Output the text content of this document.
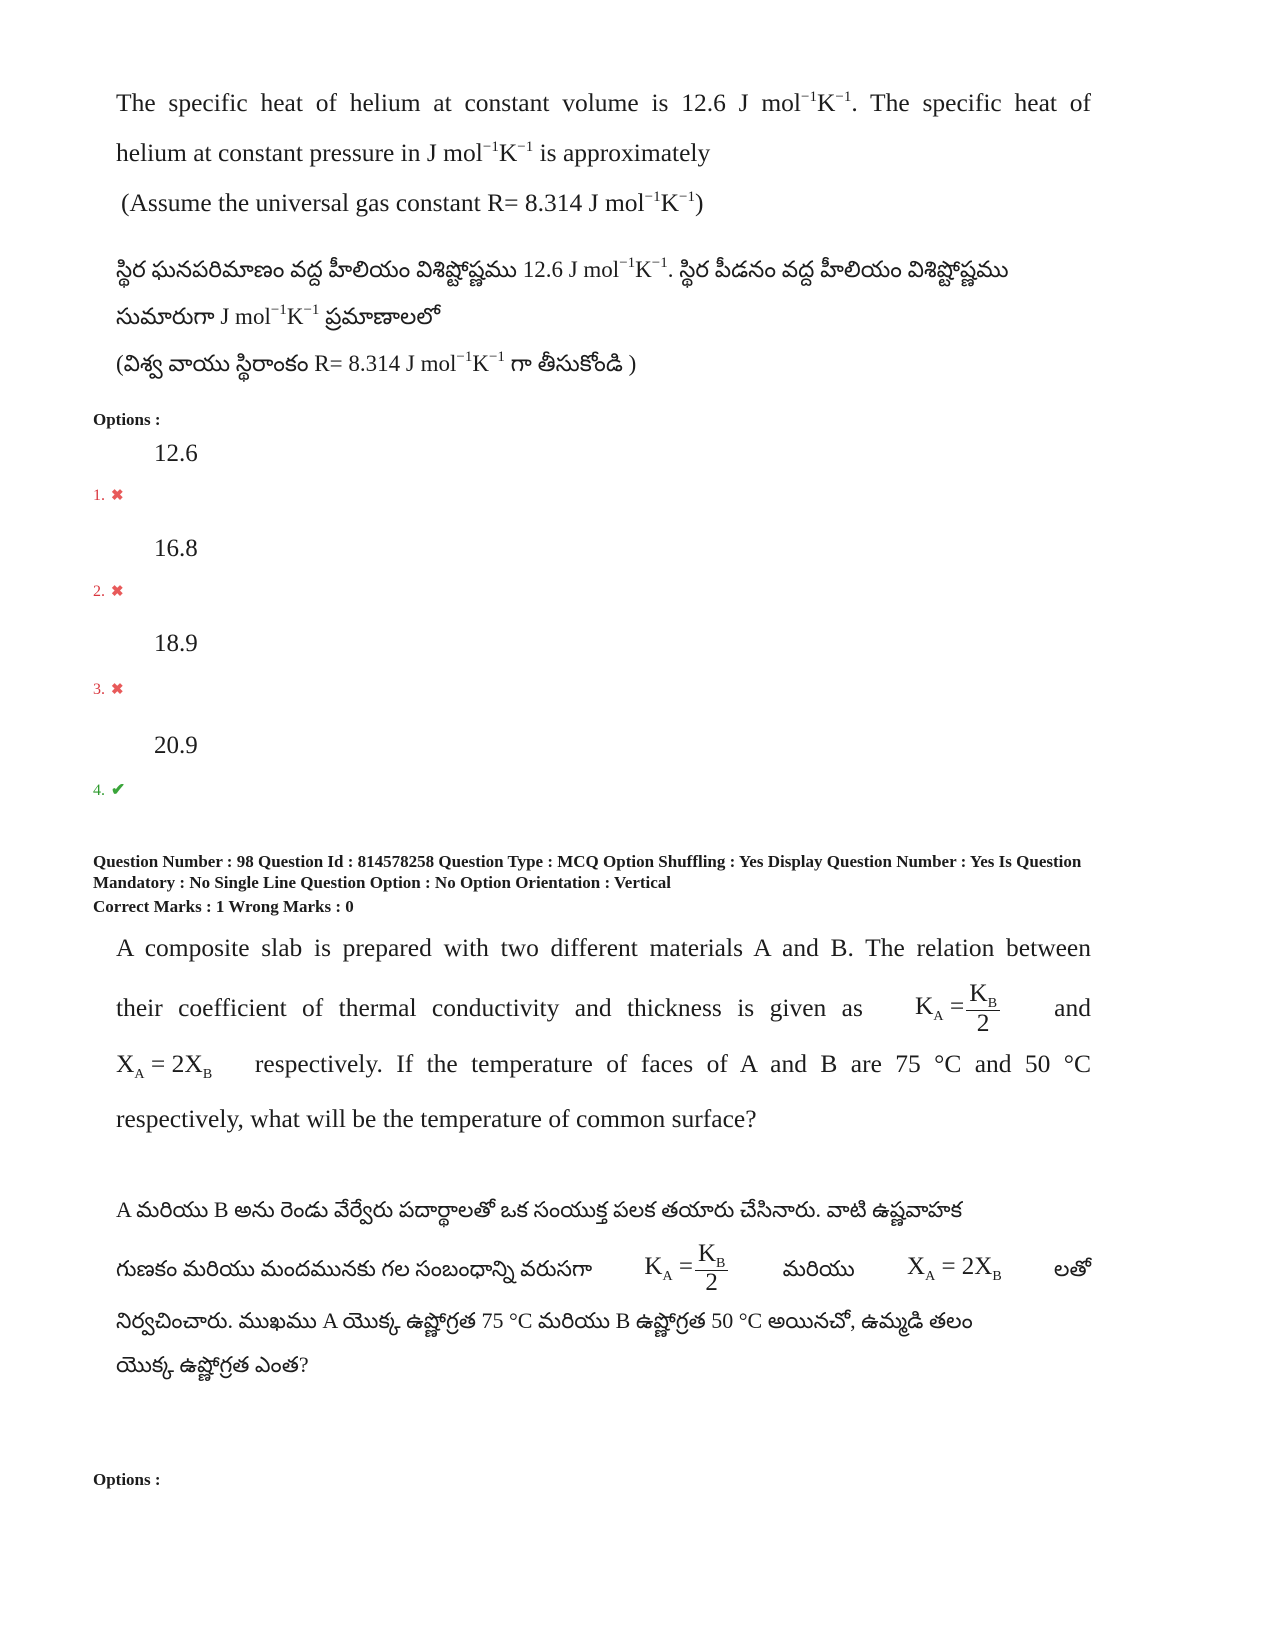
The specific heat of helium at constant volume is 12.6 J $mol^{-1}K^{-1}$. The specific heat of
helium at constant pressure in J $mol^{-1}K^{-1}$ is approximately
(Assume the universal gas constant R= 8.314 J $mol^{-1}K^{-1}$)
స్థిర ఘనపరిమాణం వద్ద హీలియం విశిష్టోష్ణము 12.6 J $mol^{-1}K^{-1}$. స్థిర పీడనం వద్ద హీలియం విశిష్టోష్ణము
సుమారుగా J $mol^{-1}K^{-1}$ ప్రమాణాలలో
(విశ్వ వాయు స్థిరాంకం R= 8.314 J $mol^{-1}K^{-1}$ గా తీసుకోండి )
Options :
12.6
1. ✖
16.8
2. ✖
18.9
3. ✖
20.9
4. ✔
Question Number : 98 Question Id : 814578258 Question Type : MCQ Option Shuffling : Yes Display Question Number : Yes Is Question
Mandatory : No Single Line Question Option : No Option Orientation : Vertical
Correct Marks : 1 Wrong Marks : 0
A composite slab is prepared with two different materials A and B. The relation between
their coefficient of thermal conductivity and thickness is given as $K_A = \frac{K_B}{2}$ and
$X_A = 2X_B$ respectively. If the temperature of faces of A and B are 75 °C and 50 °C
respectively, what will be the temperature of common surface?
A మరియు B అను రెండు వేర్వేరు పదార్థాలతో ఒక సంయుక్త పలక తయారు చేసినారు. వాటి ఉష్ణవాహక
గుణకం మరియు మందమునకు గల సంబంధాన్ని వరుసగా $K_A = \frac{K_B}{2}$ మరియు $X_A = 2X_B$ లతో
నిర్వచించారు. ముఖము A యొక్క ఉష్ణోగ్రత 75 °C మరియు B ఉష్ణోగ్రత 50 °C అయినచో, ఉమ్మడి తలం
యొక్క ఉష్ణోగ్రత ఎంత?
Options :
